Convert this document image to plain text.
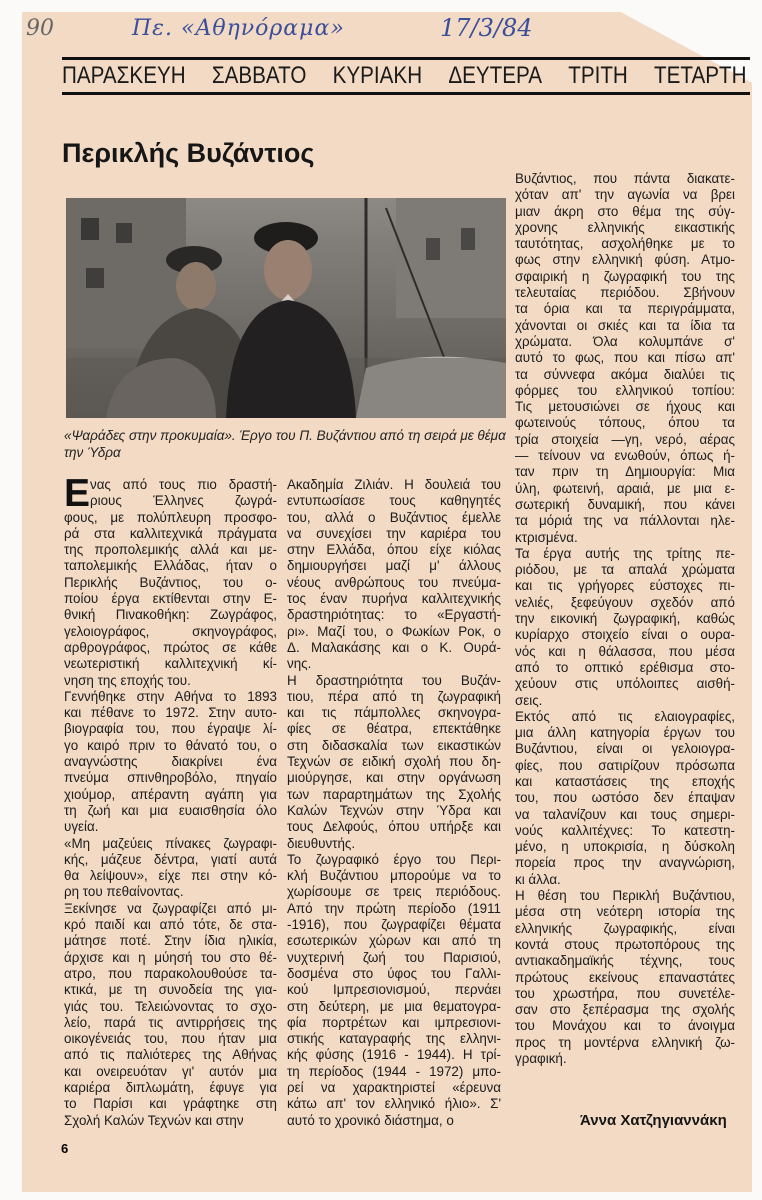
90	Πε. «Αθηνόραμα»	17/3/84
ΠΑΡΑΣΚΕΥΗ ΣΑΒΒΑΤΟ ΚΥΡΙΑΚΗ ΔΕΥΤΕΡΑ ΤΡΙΤΗ ΤΕΤΑΡΤΗ
Περικλής Βυζάντιος
«Ψαράδες στην προκυμαία». Έργο του Π. Βυζάντιου από τη σειρά με θέμα την Ύδρα
Ε νας από τους πιο δραστή-
ριους Έλληνες ζωγρά-
φους, με πολύπλευρη προσφο-
ρά στα καλλιτεχνικά πράγματα
της προπολεμικής αλλά και με-
ταπολεμικής Ελλάδας, ήταν ο
Περικλής Βυζάντιος, του ο-
ποίου έργα εκτίθενται στην Ε-
θνική Πινακοθήκη: Ζωγράφος,
γελοιογράφος, σκηνογράφος,
αρθρογράφος, πρώτος σε κάθε
νεωτεριστική καλλιτεχνική κί-
νηση της εποχής του.
Γεννήθηκε στην Αθήνα το 1893
και πέθανε το 1972. Στην αυτο-
βιογραφία του, που έγραψε λί-
γο καιρό πριν το θάνατό του, ο
αναγνώστης διακρίνει ένα
πνεύμα σπινθηροβόλο, πηγαίο
χιούμορ, απέραντη αγάπη για
τη ζωή και μια ευαισθησία όλο
υγεία.
«Μη μαζεύεις πίνακες ζωγραφι-
κής, μάζευε δέντρα, γιατί αυτά
θα λείψουν», είχε πει στην κό-
ρη του πεθαίνοντας.
Ξεκίνησε να ζωγραφίζει από μι-
κρό παιδί και από τότε, δε στα-
μάτησε ποτέ. Στην ίδια ηλικία,
άρχισε και η μύησή του στο θέ-
ατρο, που παρακολουθούσε τα-
κτικά, με τη συνοδεία της για-
γιάς του. Τελειώνοντας το σχο-
λείο, παρά τις αντιρρήσεις της
οικογένειάς του, που ήταν μια
από τις παλιότερες της Αθήνας
και ονειρευόταν γι' αυτόν μια
καριέρα διπλωμάτη, έφυγε για
το Παρίσι και γράφτηκε στη
Σχολή Καλών Τεχνών και στην
Ακαδημία Ζιλιάν. Η δουλειά του
εντυπωσίασε τους καθηγητές
του, αλλά ο Βυζάντιος έμελλε
να συνεχίσει την καριέρα του
στην Ελλάδα, όπου είχε κιόλας
δημιουργήσει μαζί μ' άλλους
νέους ανθρώπους του πνεύμα-
τος έναν πυρήνα καλλιτεχνικής
δραστηριότητας: το «Εργαστή-
ρι». Μαζί του, ο Φωκίων Ροκ, ο
Δ. Μαλακάσης και ο Κ. Ουρά-
νης.
Η δραστηριότητα του Βυζάν-
τιου, πέρα από τη ζωγραφική
και τις πάμπολλες σκηνογρα-
φίες σε θέατρα, επεκτάθηκε
στη διδασκαλία των εικαστικών
Τεχνών σε ειδική σχολή που δη-
μιούργησε, και στην οργάνωση
των παραρτημάτων της Σχολής
Καλών Τεχνών στην Ύδρα και
τους Δελφούς, όπου υπήρξε και
διευθυντής.
Το ζωγραφικό έργο του Περι-
κλή Βυζάντιου μπορούμε να το
χωρίσουμε σε τρεις περιόδους.
Από την πρώτη περίοδο (1911
-1916), που ζωγραφίζει θέματα
εσωτερικών χώρων και από τη
νυχτερινή ζωή του Παρισιού,
δοσμένα στο ύφος του Γαλλι-
κού Ιμπρεσιονισμού, περνάει
στη δεύτερη, με μια θεματογρα-
φία πορτρέτων και ιμπρεσιονι-
στικής καταγραφής της ελληνι-
κής φύσης (1916 - 1944). Η τρί-
τη περίοδος (1944 - 1972) μπο-
ρεί να χαρακτηριστεί «έρευνα
κάτω απ' τον ελληνικό ήλιο». Σ'
αυτό το χρονικό διάστημα, ο
Βυζάντιος, που πάντα διακατε-
χόταν απ' την αγωνία να βρει
μιαν άκρη στο θέμα της σύγ-
χρονης ελληνικής εικαστικής
ταυτότητας, ασχολήθηκε με το
φως στην ελληνική φύση. Ατμο-
σφαιρική η ζωγραφική του της
τελευταίας περιόδου. Σβήνουν
τα όρια και τα περιγράμματα,
χάνονται οι σκιές και τα ίδια τα
χρώματα. Όλα κολυμπάνε σ'
αυτό το φως, που και πίσω απ'
τα σύννεφα ακόμα διαλύει τις
φόρμες του ελληνικού τοπίου:
Τις μετουσιώνει σε ήχους και
φωτεινούς τόπους, όπου τα
τρία στοιχεία —γη, νερό, αέρας
— τείνουν να ενωθούν, όπως ή-
ταν πριν τη Δημιουργία: Μια
ύλη, φωτεινή, αραιά, με μια ε-
σωτερική δυναμική, που κάνει
τα μόριά της να πάλλονται ηλε-
κτρισμένα.
Τα έργα αυτής της τρίτης πε-
ριόδου, με τα απαλά χρώματα
και τις γρήγορες εύστοχες πι-
νελιές, ξεφεύγουν σχεδόν από
την εικονική ζωγραφική, καθώς
κυρίαρχο στοιχείο είναι ο ουρα-
νός και η θάλασσα, που μέσα
από το οπτικό ερέθισμα στο-
χεύουν στις υπόλοιπες αισθή-
σεις.
Εκτός από τις ελαιογραφίες,
μια άλλη κατηγορία έργων του
Βυζάντιου, είναι οι γελοιογρα-
φίες, που σατιρίζουν πρόσωπα
και καταστάσεις της εποχής
του, που ωστόσο δεν έπαψαν
να ταλανίζουν και τους σημερι-
νούς καλλιτέχνες: Το κατεστη-
μένο, η υποκρισία, η δύσκολη
πορεία προς την αναγνώριση,
κι άλλα.
Η θέση του Περικλή Βυζάντιου,
μέσα στη νεότερη ιστορία της
ελληνικής ζωγραφικής, είναι
κοντά στους πρωτοπόρους της
αντιακαδημαϊκής τέχνης, τους
πρώτους εκείνους επαναστάτες
του χρωστήρα, που συνετέλε-
σαν στο ξεπέρασμα της σχολής
του Μονάχου και το άνοιγμα
προς τη μοντέρνα ελληνική ζω-
γραφική.
Άννα Χατζηγιαννάκη
6
